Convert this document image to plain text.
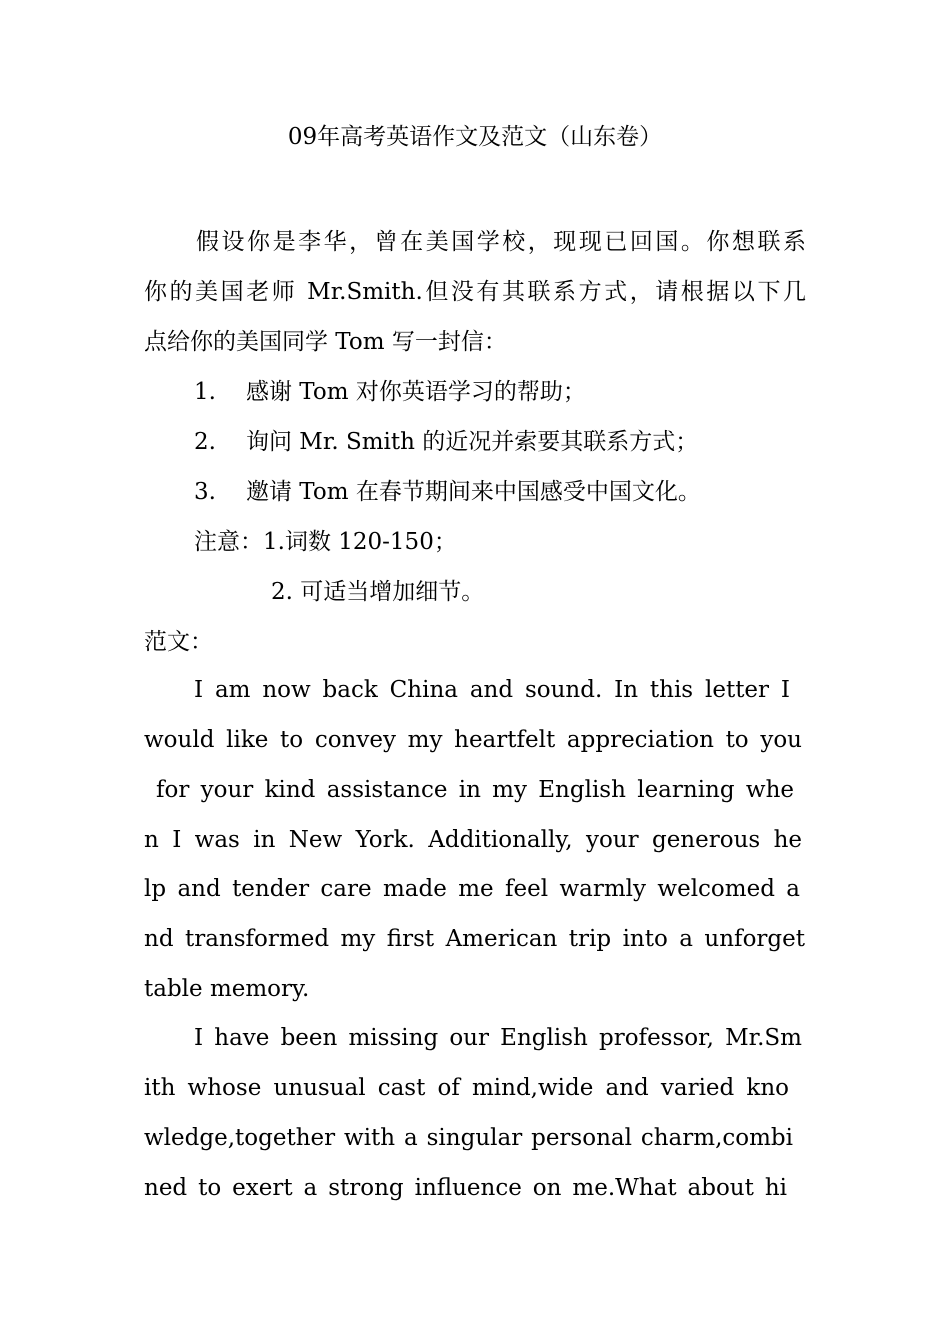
09年高考英语作文及范文（山东卷）
假设你是李华，曾在美国学校，现现已回国。你想联系
你的美国老师 Mr.Smith.但没有其联系方式，请根据以下几
点给你的美国同学 Tom 写一封信：
1. 感谢 Tom 对你英语学习的帮助；
2. 询问 Mr. Smith 的近况并索要其联系方式；
3. 邀请 Tom 在春节期间来中国感受中国文化。
注意：1.词数 120-150；
2. 可适当增加细节。
范文：
I am now back China and sound. In this letter I
would like to convey my heartfelt appreciation to you
for your kind assistance in my English learning whe
n I was in New York. Additionally, your generous he
lp and tender care made me feel warmly welcomed a
nd transformed my first American trip into a unforget
table memory.
I have been missing our English professor, Mr.Sm
ith whose unusual cast of mind,wide and varied kno
wledge,together with a singular personal charm,combi
ned to exert a strong influence on me.What about hi
